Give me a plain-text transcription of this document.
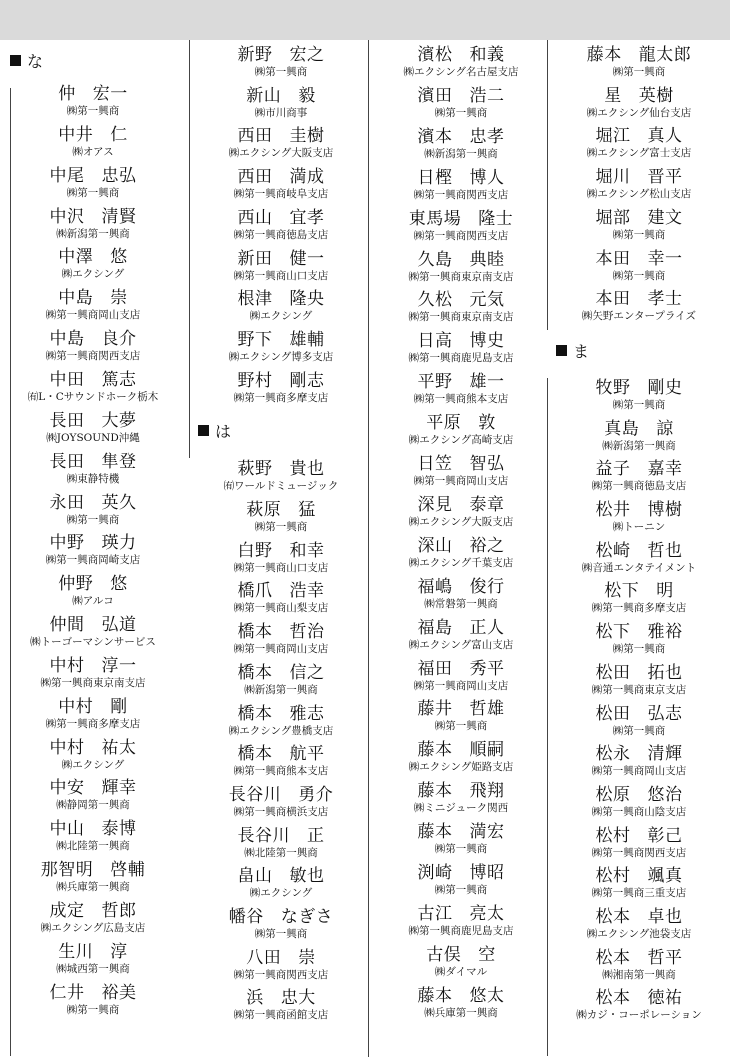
な
仲 宏一
㈱第一興商
中井 仁
㈱オアス
中尾 忠弘
㈱第一興商
中沢 清賢
㈱新潟第一興商
中澤 悠
㈱エクシング
中島 崇
㈱第一興商岡山支店
中島 良介
㈱第一興商関西支店
中田 篤志
㈲L・Cサウンドホーク栃木
長田 大夢
㈱JOYSOUND沖縄
長田 隼登
㈱東静特機
永田 英久
㈱第一興商
中野 瑛力
㈱第一興商岡崎支店
仲野 悠
㈱アルコ
仲間 弘道
㈱トーゴーマシンサービス
中村 淳一
㈱第一興商東京南支店
中村 剛
㈱第一興商多摩支店
中村 祐太
㈱エクシング
中安 輝幸
㈱静岡第一興商
中山 泰博
㈱北陸第一興商
那智明 啓輔
㈱兵庫第一興商
成定 哲郎
㈱エクシング広島支店
生川 淳
㈱城西第一興商
仁井 裕美
㈱第一興商
は
新野 宏之
㈱第一興商
新山 毅
㈱市川商事
西田 圭樹
㈱エクシング大阪支店
西田 満成
㈱第一興商岐阜支店
西山 宜孝
㈱第一興商徳島支店
新田 健一
㈱第一興商山口支店
根津 隆央
㈱エクシング
野下 雄輔
㈱エクシング博多支店
野村 剛志
㈱第一興商多摩支店
萩野 貴也
㈲ワールドミュージック
萩原 猛
㈱第一興商
白野 和幸
㈱第一興商山口支店
橋爪 浩幸
㈱第一興商山梨支店
橋本 哲治
㈱第一興商岡山支店
橋本 信之
㈱新潟第一興商
橋本 雅志
㈱エクシング豊橋支店
橋本 航平
㈱第一興商熊本支店
長谷川 勇介
㈱第一興商横浜支店
長谷川 正
㈱北陸第一興商
畠山 敏也
㈱エクシング
幡谷 なぎさ
㈱第一興商
八田 崇
㈱第一興商関西支店
浜 忠大
㈱第一興商函館支店
濱松 和義
㈱エクシング名古屋支店
濱田 浩二
㈱第一興商
濱本 忠孝
㈱新潟第一興商
日樫 博人
㈱第一興商関西支店
東馬場 隆士
㈱第一興商関西支店
久島 典睦
㈱第一興商東京南支店
久松 元気
㈱第一興商東京南支店
日高 博史
㈱第一興商鹿児島支店
平野 雄一
㈱第一興商熊本支店
平原 敦
㈱エクシング高崎支店
日笠 智弘
㈱第一興商岡山支店
深見 泰章
㈱エクシング大阪支店
深山 裕之
㈱エクシング千葉支店
福嶋 俊行
㈱常磐第一興商
福島 正人
㈱エクシング富山支店
福田 秀平
㈱第一興商岡山支店
藤井 哲雄
㈱第一興商
藤本 順嗣
㈱エクシング姫路支店
藤本 飛翔
㈱ミニジューク関西
藤本 満宏
㈱第一興商
渕崎 博昭
㈱第一興商
古江 亮太
㈱第一興商鹿児島支店
古俣 空
㈱ダイマル
藤本 悠太
㈱兵庫第一興商
ま
藤本 龍太郎
㈱第一興商
星 英樹
㈱エクシング仙台支店
堀江 真人
㈱エクシング富士支店
堀川 晋平
㈱エクシング松山支店
堀部 建文
㈱第一興商
本田 幸一
㈱第一興商
本田 孝士
㈱矢野エンタープライズ
牧野 剛史
㈱第一興商
真島 諒
㈱新潟第一興商
益子 嘉幸
㈱第一興商徳島支店
松井 博樹
㈱トーニン
松崎 哲也
㈱音通エンタテイメント
松下 明
㈱第一興商多摩支店
松下 雅裕
㈱第一興商
松田 拓也
㈱第一興商東京支店
松田 弘志
㈱第一興商
松永 清輝
㈱第一興商岡山支店
松原 悠治
㈱第一興商山陰支店
松村 彰己
㈱第一興商関西支店
松村 颯真
㈱第一興商三重支店
松本 卓也
㈱エクシング池袋支店
松本 哲平
㈱湘南第一興商
松本 徳祐
㈱カジ・コーポレーション
